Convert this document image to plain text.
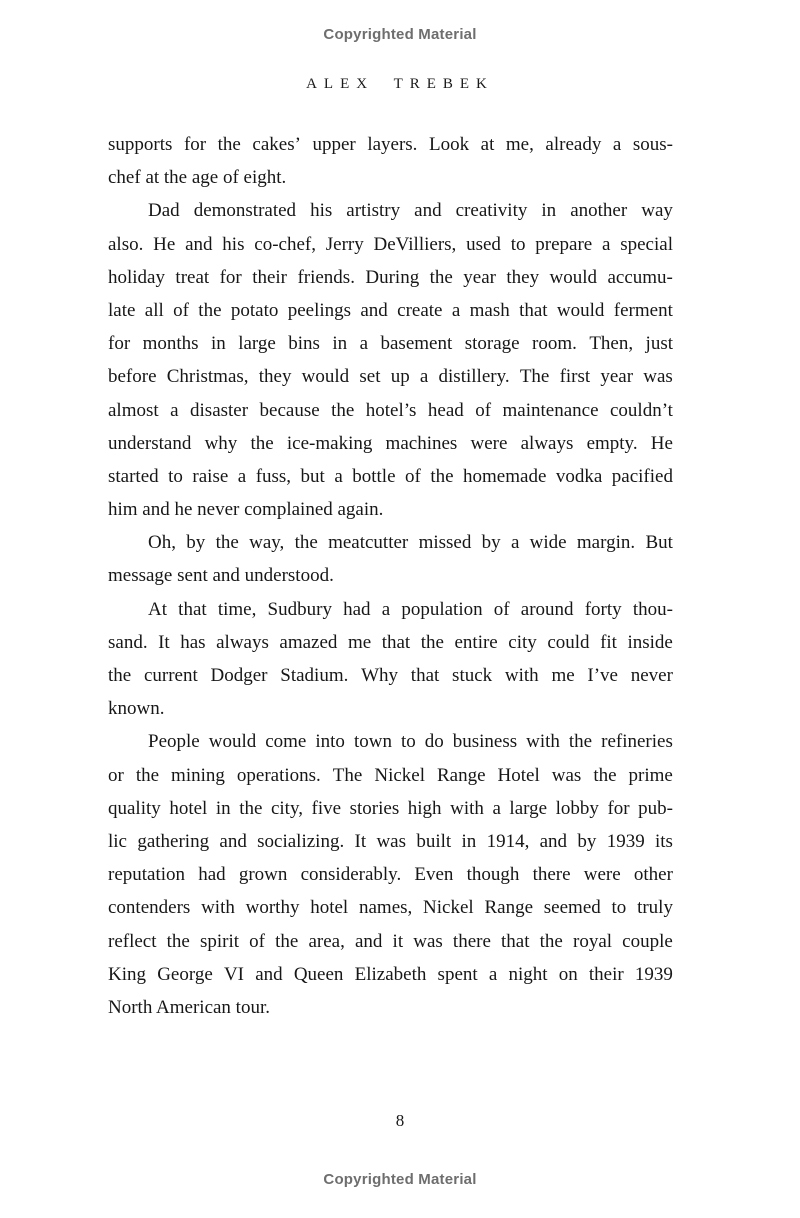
Copyrighted Material
ALEX TREBEK
supports for the cakes’ upper layers. Look at me, already a sous-
chef at the age of eight.
Dad demonstrated his artistry and creativity in another way
also. He and his co-chef, Jerry DeVilliers, used to prepare a special
holiday treat for their friends. During the year they would accumu-
late all of the potato peelings and create a mash that would ferment
for months in large bins in a basement storage room. Then, just
before Christmas, they would set up a distillery. The first year was
almost a disaster because the hotel’s head of maintenance couldn’t
understand why the ice-making machines were always empty. He
started to raise a fuss, but a bottle of the homemade vodka pacified
him and he never complained again.
Oh, by the way, the meatcutter missed by a wide margin. But
message sent and understood.
At that time, Sudbury had a population of around forty thou-
sand. It has always amazed me that the entire city could fit inside
the current Dodger Stadium. Why that stuck with me I’ve never
known.
People would come into town to do business with the refineries
or the mining operations. The Nickel Range Hotel was the prime
quality hotel in the city, five stories high with a large lobby for pub-
lic gathering and socializing. It was built in 1914, and by 1939 its
reputation had grown considerably. Even though there were other
contenders with worthy hotel names, Nickel Range seemed to truly
reflect the spirit of the area, and it was there that the royal couple
King George VI and Queen Elizabeth spent a night on their 1939
North American tour.
8
Copyrighted Material
